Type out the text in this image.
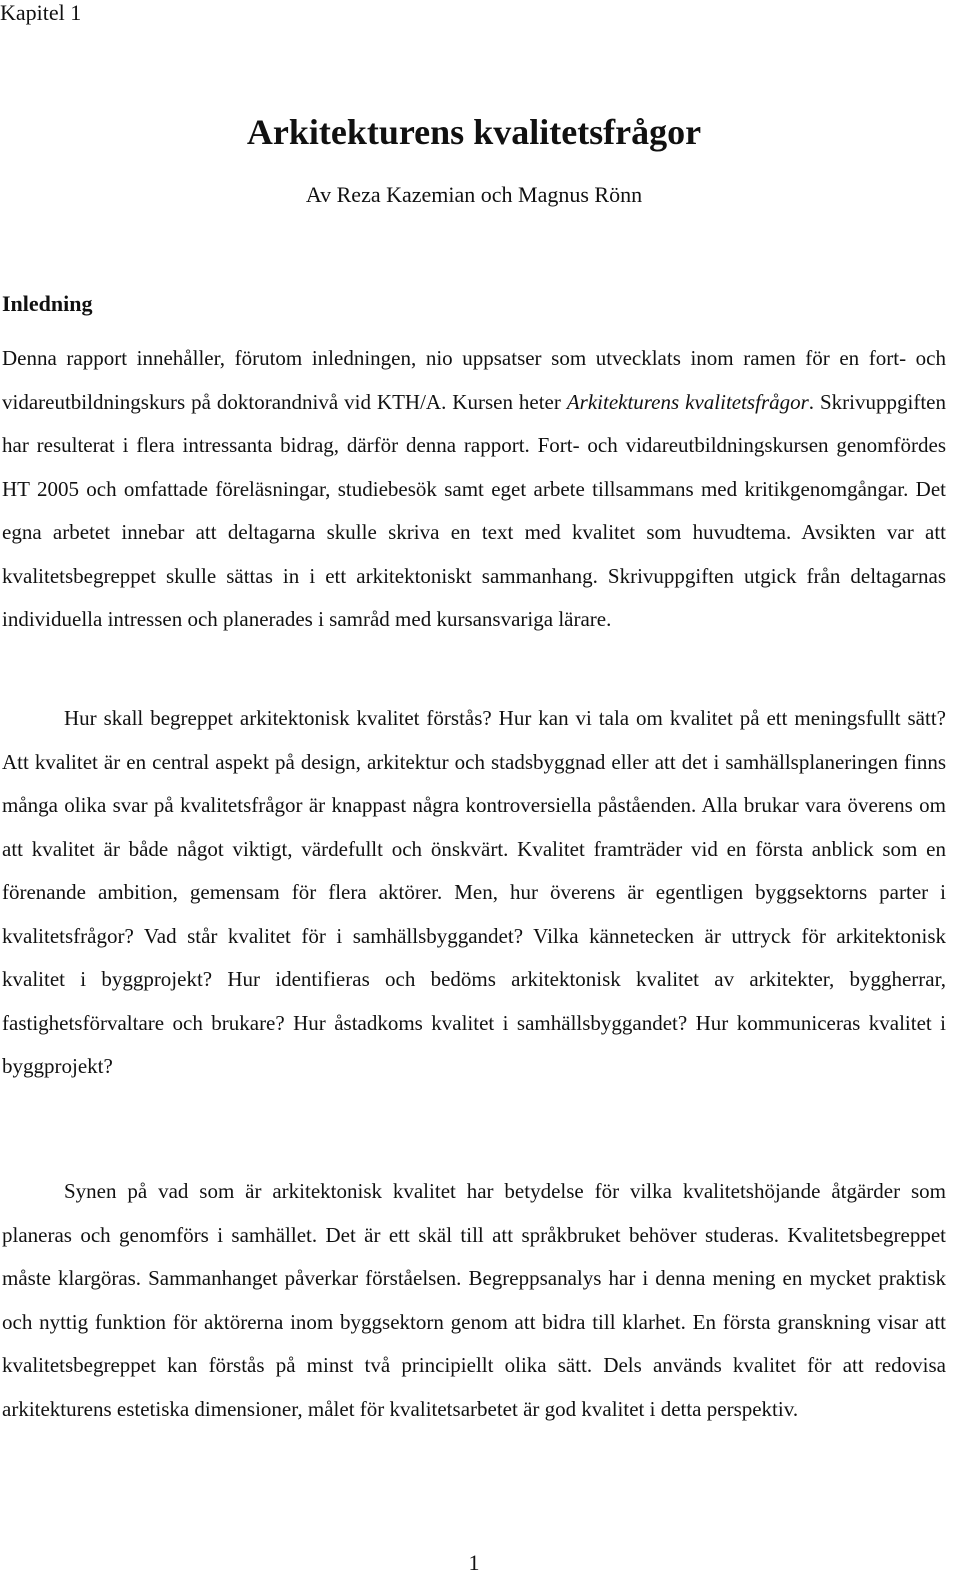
Kapitel 1
Arkitekturens kvalitetsfrågor
Av Reza Kazemian och Magnus Rönn
Inledning

Denna rapport innehåller, förutom inledningen, nio uppsatser som utvecklats inom ramen för en fort- och vidareutbildningskurs på doktorandnivå vid KTH/A. Kursen heter Arkitekturens kvalitetsfrågor. Skrivuppgiften har resulterat i flera intressanta bidrag, därför denna rapport. Fort- och vidareutbildningskursen genomfördes HT 2005 och omfattade föreläsningar, studiebesök samt eget arbete tillsammans med kritikgenomgångar. Det egna arbetet innebar att deltagarna skulle skriva en text med kvalitet som huvudtema. Avsikten var att kvalitetsbegreppet skulle sättas in i ett arkitektoniskt sammanhang. Skrivuppgiften utgick från deltagarnas individuella intressen och planerades i samråd med kursansvariga lärare.

Hur skall begreppet arkitektonisk kvalitet förstås? Hur kan vi tala om kvalitet på ett meningsfullt sätt? Att kvalitet är en central aspekt på design, arkitektur och stadsbyggnad eller att det i samhällsplaneringen finns många olika svar på kvalitetsfrågor är knappast några kontroversiella påståenden. Alla brukar vara överens om att kvalitet är både något viktigt, värdefullt och önskvärt. Kvalitet framträder vid en första anblick som en förenande ambition, gemensam för flera aktörer. Men, hur överens är egentligen byggsektorns parter i kvalitetsfrågor? Vad står kvalitet för i samhällsbyggandet? Vilka kännetecken är uttryck för arkitektonisk kvalitet i byggprojekt? Hur identifieras och bedöms arkitektonisk kvalitet av arkitekter, byggherrar, fastighetsförvaltare och brukare? Hur åstadkoms kvalitet i samhällsbyggandet? Hur kommuniceras kvalitet i byggprojekt?

Synen på vad som är arkitektonisk kvalitet har betydelse för vilka kvalitetshöjande åtgärder som planeras och genomförs i samhället. Det är ett skäl till att språkbruket behöver studeras. Kvalitetsbegreppet måste klargöras. Sammanhanget påverkar förståelsen. Begreppsanalys har i denna mening en mycket praktisk och nyttig funktion för aktörerna inom byggsektorn genom att bidra till klarhet. En första granskning visar att kvalitetsbegreppet kan förstås på minst två principiellt olika sätt. Dels används kvalitet för att redovisa arkitekturens estetiska dimensioner, målet för kvalitetsarbetet är god kvalitet i detta perspektiv.

1
